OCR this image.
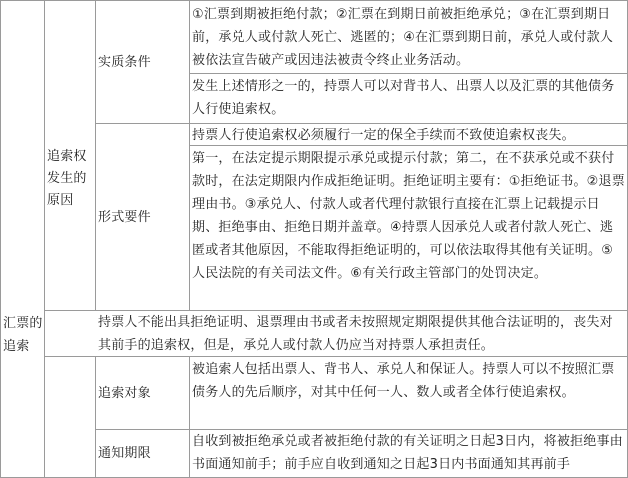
汇票的追索
追索权发生的原因
实质条件
①汇票到期被拒绝付款；②汇票在到期日前被拒绝承兑；③在汇票到期日前，承兑人或付款人死亡、逃匿的；④在汇票到期日前，承兑人或付款人被依法宣告破产或因违法被责令终止业务活动。
发生上述情形之一的，持票人可以对背书人、出票人以及汇票的其他债务人行使追索权。
形式要件
持票人行使追索权必须履行一定的保全手续而不致使追索权丧失。
第一，在法定提示期限提示承兑或提示付款；第二，在不获承兑或不获付款时，在法定期限内作成拒绝证明。拒绝证明主要有：①拒绝证书。②退票理由书。③承兑人、付款人或者代理付款银行直接在汇票上记载提示日期、拒绝事由、拒绝日期并盖章。④持票人因承兑人或者付款人死亡、逃匿或者其他原因，不能取得拒绝证明的，可以依法取得其他有关证明。⑤人民法院的有关司法文件。⑥有关行政主管部门的处罚决定。
持票人不能出具拒绝证明、退票理由书或者未按照规定期限提供其他合法证明的，丧失对其前手的追索权，但是，承兑人或付款人仍应当对持票人承担责任。
追索对象
被追索人包括出票人、背书人、承兑人和保证人。持票人可以不按照汇票债务人的先后顺序，对其中任何一人、数人或者全体行使追索权。
通知期限
自收到被拒绝承兑或者被拒绝付款的有关证明之日起3日内，将被拒绝事由书面通知前手；前手应自收到通知之日起3日内书面通知其再前手
